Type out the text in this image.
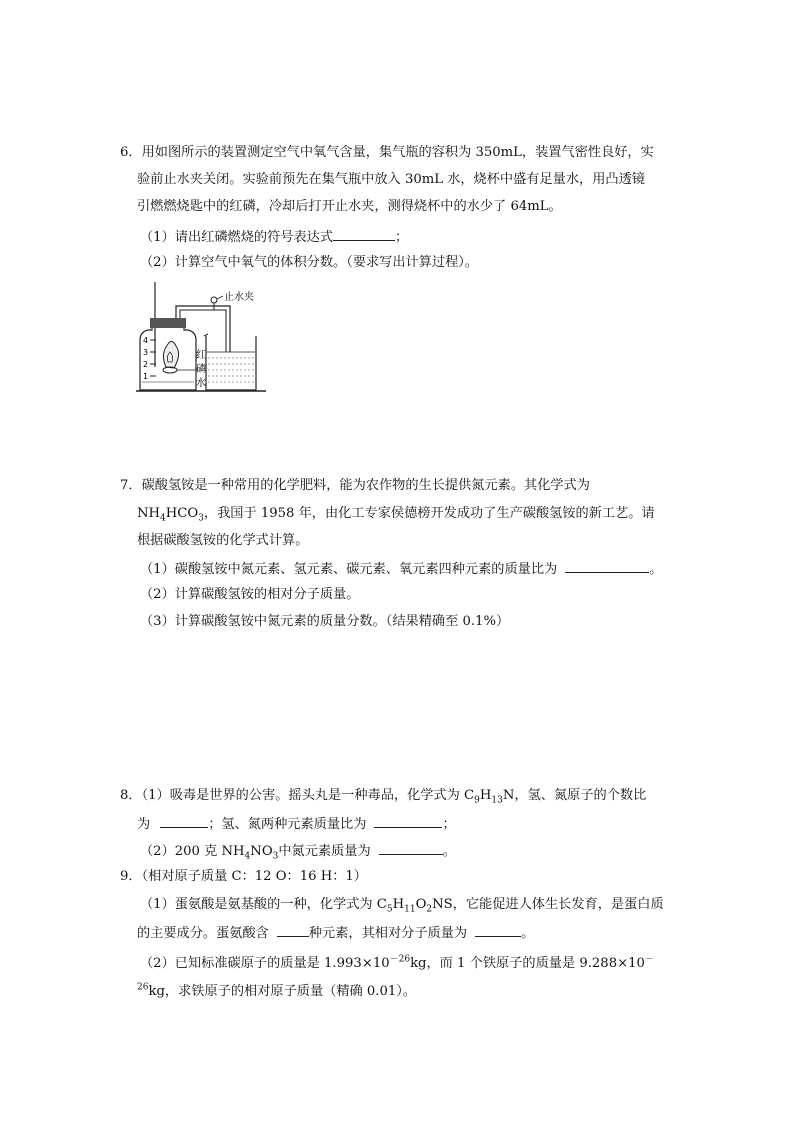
6．用如图所示的装置测定空气中氧气含量，集气瓶的容积为 350mL，装置气密性良好，实
验前止水夹关闭。实验前预先在集气瓶中放入 30mL 水，烧杯中盛有足量水，用凸透镜
引燃燃烧匙中的红磷，冷却后打开止水夹，测得烧杯中的水少了 64mL。
（1）请出红磷燃烧的符号表达式	；
（2）计算空气中氧气的体积分数。（要求写出计算过程）。
4
3
2
1
止水夹
红
磷
水
7．碳酸氢铵是一种常用的化学肥料，能为农作物的生长提供氮元素。其化学式为
$NH_4HCO_3$，我国于 1958 年，由化工专家侯德榜开发成功了生产碳酸氢铵的新工艺。请
根据碳酸氢铵的化学式计算。
（1）碳酸氢铵中氮元素、氢元素、碳元素、氧元素四种元素的质量比为	。
（2）计算碳酸氢铵的相对分子质量。
（3）计算碳酸氢铵中氮元素的质量分数。（结果精确至 0.1%）
8．（1）吸毒是世界的公害。摇头丸是一种毒品，化学式为 $C_9H_{13}N$，氢、氮原子的个数比
为	；氢、氮两种元素质量比为	；
（2）200 克 $NH_4NO_3$中氮元素质量为	。
9．（相对原子质量 C：12 O：16 H：1）
（1）蛋氨酸是氨基酸的一种，化学式为 $C_5H_{11}O_2NS$，它能促进人体生长发育，是蛋白质
的主要成分。蛋氨酸含	种元素，其相对分子质量为	。
（2）已知标准碳原子的质量是 $1.993\times 10^{-26}kg$，而 1 个铁原子的质量是 9.288×10－
$^{26}$kg，求铁原子的相对原子质量（精确 0.01）。
